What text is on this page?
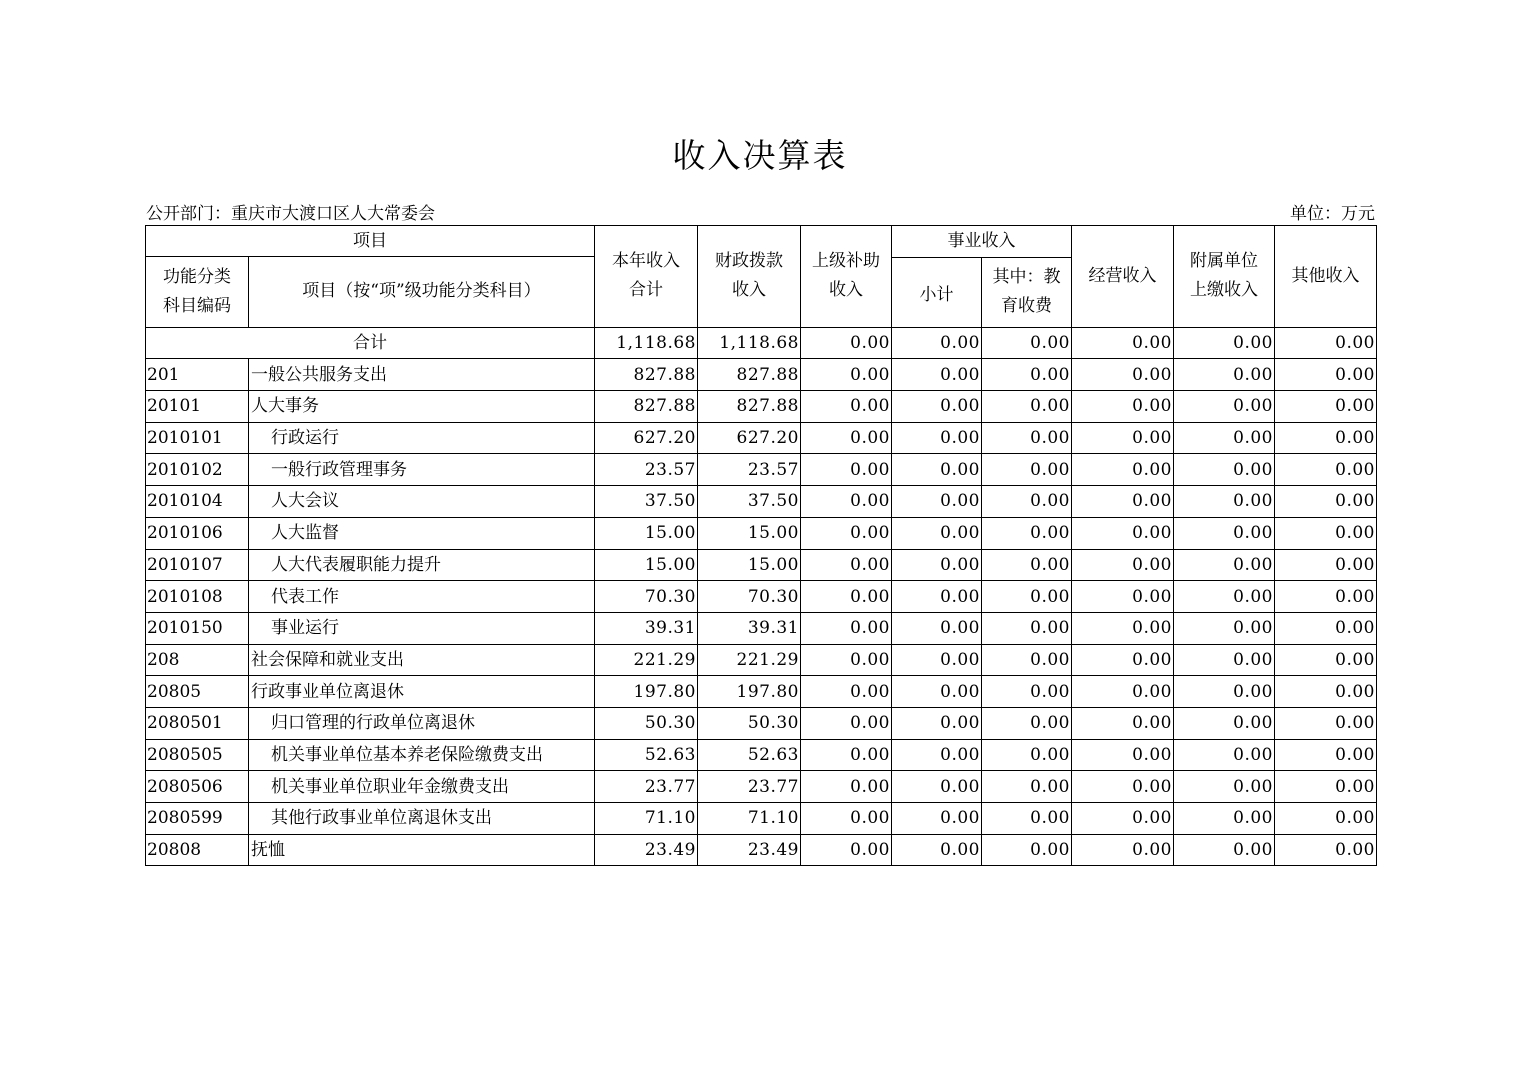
收入决算表
公开部门：重庆市大渡口区人大常委会	单位：万元
项目		本年收入合计	财政拨款收入	上级补助收入	事业收入		经营收入	附属单位上缴收入	其他收入
功能分类科目编码	项目（按“项”级功能分类科目）								
					小计	其中：教育收费			
合计		1,118.68	1,118.68	0.00	0.00	0.00	0.00	0.00	0.00
201	一般公共服务支出	827.88	827.88	0.00	0.00	0.00	0.00	0.00	0.00
20101	人大事务	827.88	827.88	0.00	0.00	0.00	0.00	0.00	0.00
2010101	行政运行	627.20	627.20	0.00	0.00	0.00	0.00	0.00	0.00
2010102	一般行政管理事务	23.57	23.57	0.00	0.00	0.00	0.00	0.00	0.00
2010104	人大会议	37.50	37.50	0.00	0.00	0.00	0.00	0.00	0.00
2010106	人大监督	15.00	15.00	0.00	0.00	0.00	0.00	0.00	0.00
2010107	人大代表履职能力提升	15.00	15.00	0.00	0.00	0.00	0.00	0.00	0.00
2010108	代表工作	70.30	70.30	0.00	0.00	0.00	0.00	0.00	0.00
2010150	事业运行	39.31	39.31	0.00	0.00	0.00	0.00	0.00	0.00
208	社会保障和就业支出	221.29	221.29	0.00	0.00	0.00	0.00	0.00	0.00
20805	行政事业单位离退休	197.80	197.80	0.00	0.00	0.00	0.00	0.00	0.00
2080501	归口管理的行政单位离退休	50.30	50.30	0.00	0.00	0.00	0.00	0.00	0.00
2080505	机关事业单位基本养老保险缴费支出	52.63	52.63	0.00	0.00	0.00	0.00	0.00	0.00
2080506	机关事业单位职业年金缴费支出	23.77	23.77	0.00	0.00	0.00	0.00	0.00	0.00
2080599	其他行政事业单位离退休支出	71.10	71.10	0.00	0.00	0.00	0.00	0.00	0.00
20808	抚恤	23.49	23.49	0.00	0.00	0.00	0.00	0.00	0.00
